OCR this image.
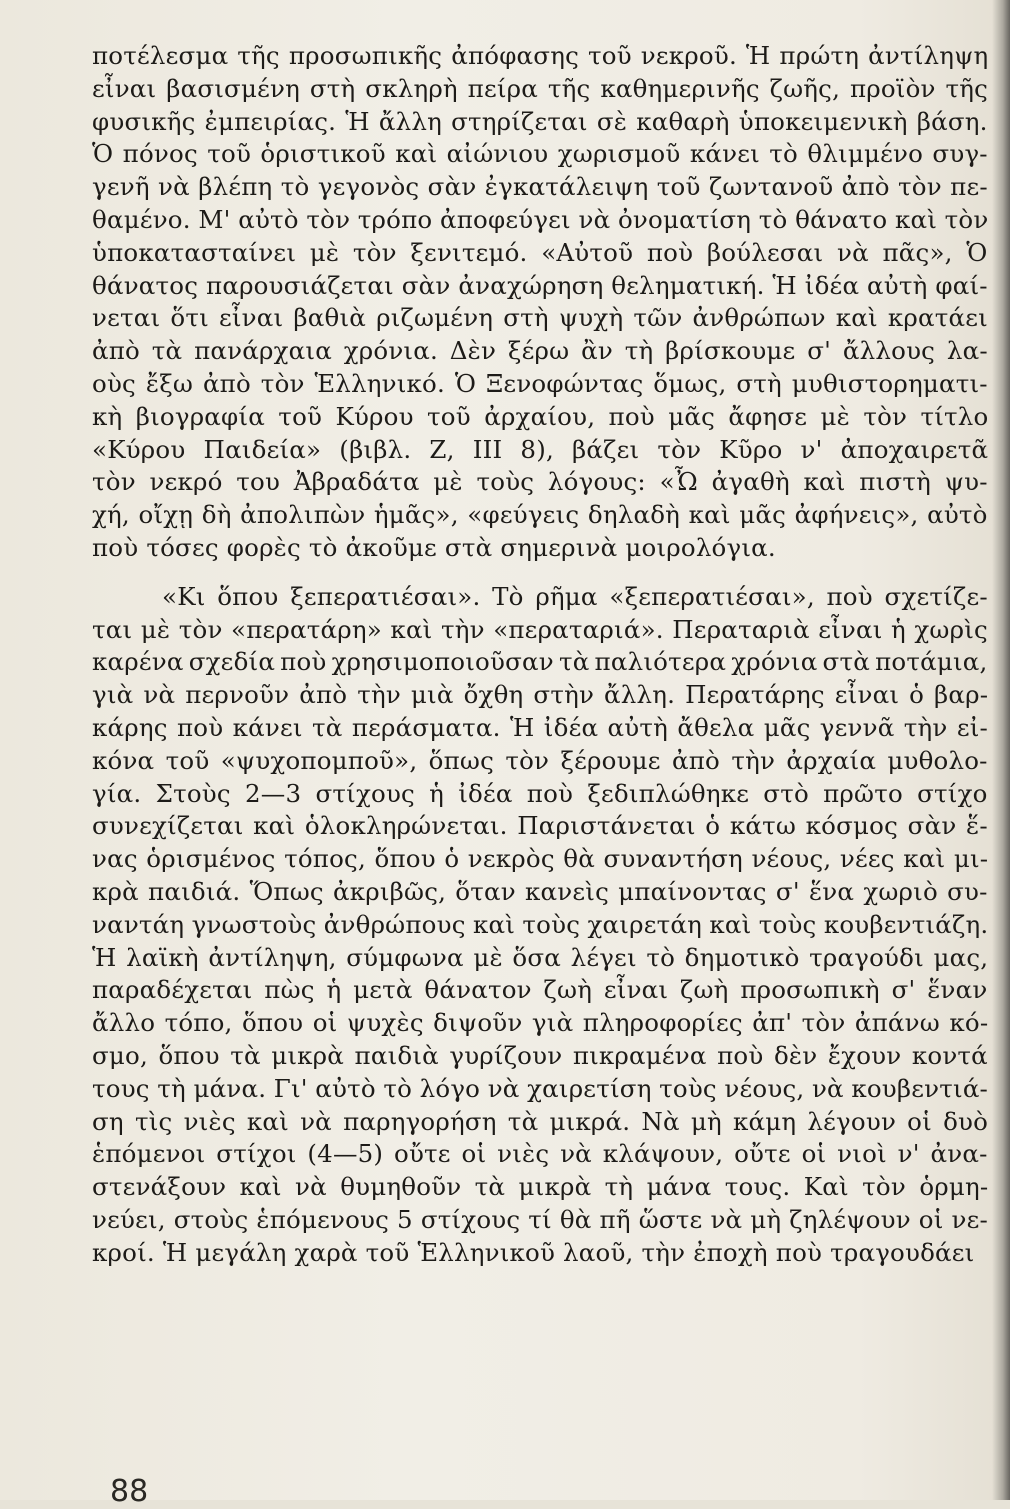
ποτέλεσμα τῆς προσωπικῆς ἀπόφασης τοῦ νεκροῦ. Ἡ πρώτη ἀντίληψη
εἶναι βασισμένη στὴ σκληρὴ πείρα τῆς καθημερινῆς ζωῆς, προϊὸν τῆς
φυσικῆς ἐμπειρίας. Ἡ ἄλλη στηρίζεται σὲ καθαρὴ ὑποκειμενικὴ βάση.
Ὁ πόνος τοῦ ὁριστικοῦ καὶ αἰώνιου χωρισμοῦ κάνει τὸ θλιμμένο συγ-
γενῆ νὰ βλέπη τὸ γεγονὸς σὰν ἐγκατάλειψη τοῦ ζωντανοῦ ἀπὸ τὸν πε-
θαμένο. Μ' αὐτὸ τὸν τρόπο ἀποφεύγει νὰ ὀνοματίση τὸ θάνατο καὶ τὸν
ὑποκατασταίνει μὲ τὸν ξενιτεμό. «Αὐτοῦ ποὺ βούλεσαι νὰ πᾶς», Ὁ
θάνατος παρουσιάζεται σὰν ἀναχώρηση θεληματική. Ἡ ἰδέα αὐτὴ φαί-
νεται ὅτι εἶναι βαθιὰ ριζωμένη στὴ ψυχὴ τῶν ἀνθρώπων καὶ κρατάει
ἀπὸ τὰ πανάρχαια χρόνια. Δὲν ξέρω ἂν τὴ βρίσκουμε σ' ἄλλους λα-
οὺς ἔξω ἀπὸ τὸν Ἑλληνικό. Ὁ Ξενοφώντας ὅμως, στὴ μυθιστορηματι-
κὴ βιογραφία τοῦ Κύρου τοῦ ἀρχαίου, ποὺ μᾶς ἄφησε μὲ τὸν τίτλο
«Κύρου Παιδεία» (βιβλ. Ζ, ΙΙΙ 8), βάζει τὸν Κῦρο ν' ἀποχαιρετᾶ
τὸν νεκρό του Ἀβραδάτα μὲ τοὺς λόγους: «Ὦ ἀγαθὴ καὶ πιστὴ ψυ-
χή, οἴχῃ δὴ ἀπολιπὼν ἡμᾶς», «φεύγεις δηλαδὴ καὶ μᾶς ἀφήνεις», αὐτὸ
ποὺ τόσες φορὲς τὸ ἀκοῦμε στὰ σημερινὰ μοιρολόγια.
«Κι ὅπου ξεπερατιέσαι». Τὸ ρῆμα «ξεπερατιέσαι», ποὺ σχετίζε-
ται μὲ τὸν «περατάρη» καὶ τὴν «περαταριά». Περαταριὰ εἶναι ἡ χωρὶς
καρένα σχεδία ποὺ χρησιμοποιοῦσαν τὰ παλιότερα χρόνια στὰ ποτάμια,
γιὰ νὰ περνοῦν ἀπὸ τὴν μιὰ ὄχθη στὴν ἄλλη. Περατάρης εἶναι ὁ βαρ-
κάρης ποὺ κάνει τὰ περάσματα. Ἡ ἰδέα αὐτὴ ἄθελα μᾶς γεννᾶ τὴν εἰ-
κόνα τοῦ «ψυχοπομποῦ», ὅπως τὸν ξέρουμε ἀπὸ τὴν ἀρχαία μυθολο-
γία. Στοὺς 2—3 στίχους ἡ ἰδέα ποὺ ξεδιπλώθηκε στὸ πρῶτο στίχο
συνεχίζεται καὶ ὁλοκληρώνεται. Παριστάνεται ὁ κάτω κόσμος σὰν ἕ-
νας ὁρισμένος τόπος, ὅπου ὁ νεκρὸς θὰ συναντήση νέους, νέες καὶ μι-
κρὰ παιδιά. Ὅπως ἀκριβῶς, ὅταν κανεὶς μπαίνοντας σ' ἕνα χωριὸ συ-
ναντάη γνωστοὺς ἀνθρώπους καὶ τοὺς χαιρετάη καὶ τοὺς κουβεντιάζη.
Ἡ λαϊκὴ ἀντίληψη, σύμφωνα μὲ ὅσα λέγει τὸ δημοτικὸ τραγούδι μας,
παραδέχεται πὼς ἡ μετὰ θάνατον ζωὴ εἶναι ζωὴ προσωπικὴ σ' ἕναν
ἄλλο τόπο, ὅπου οἱ ψυχὲς διψοῦν γιὰ πληροφορίες ἀπ' τὸν ἀπάνω κό-
σμο, ὅπου τὰ μικρὰ παιδιὰ γυρίζουν πικραμένα ποὺ δὲν ἔχουν κοντά
τους τὴ μάνα. Γι' αὐτὸ τὸ λόγο νὰ χαιρετίση τοὺς νέους, νὰ κουβεντιά-
ση τὶς νιὲς καὶ νὰ παρηγορήση τὰ μικρά. Νὰ μὴ κάμη λέγουν οἱ δυὸ
ἑπόμενοι στίχοι (4—5) οὔτε οἱ νιὲς νὰ κλάψουν, οὔτε οἱ νιοὶ ν' ἀνα-
στενάξουν καὶ νὰ θυμηθοῦν τὰ μικρὰ τὴ μάνα τους. Καὶ τὸν ὁρμη-
νεύει, στοὺς ἑπόμενους 5 στίχους τί θὰ πῆ ὥστε νὰ μὴ ζηλέψουν οἱ νε-
κροί. Ἡ μεγάλη χαρὰ τοῦ Ἑλληνικοῦ λαοῦ, τὴν ἐποχὴ ποὺ τραγουδάει
88
